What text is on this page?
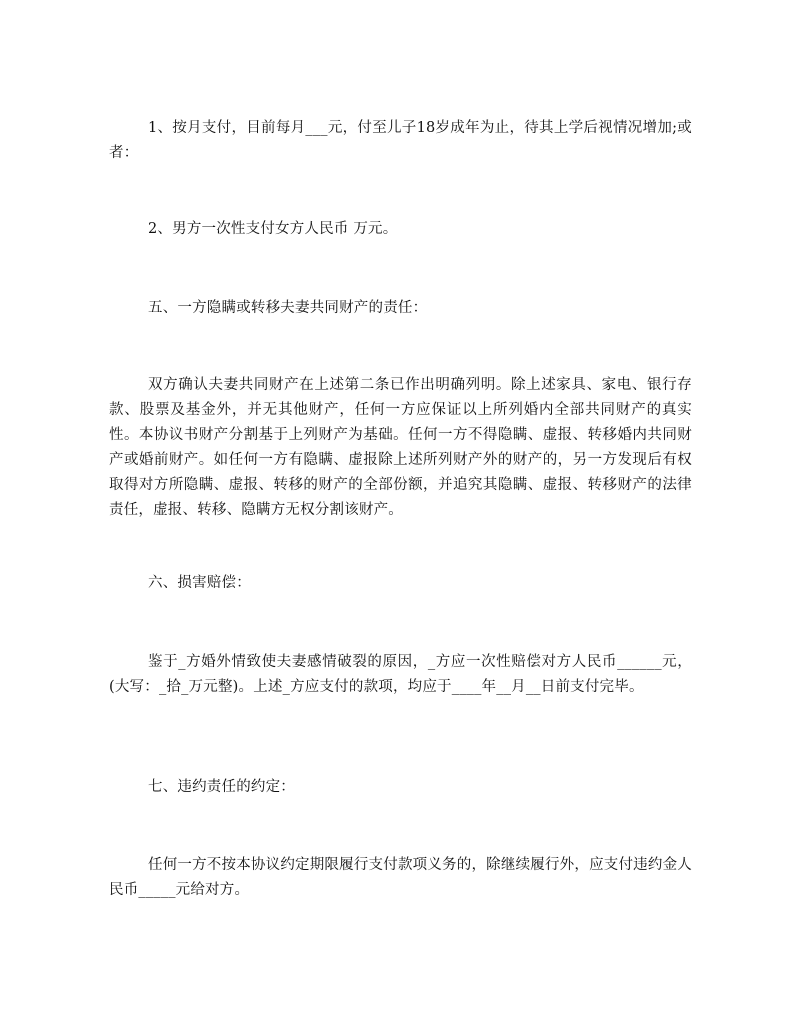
1、按月支付，目前每月___元，付至儿子18岁成年为止，待其上学后视情况增加;或者：

2、男方一次性支付女方人民币 万元。

五、一方隐瞒或转移夫妻共同财产的责任：

双方确认夫妻共同财产在上述第二条已作出明确列明。除上述家具、家电、银行存款、股票及基金外，并无其他财产，任何一方应保证以上所列婚内全部共同财产的真实性。本协议书财产分割基于上列财产为基础。任何一方不得隐瞒、虚报、转移婚内共同财产或婚前财产。如任何一方有隐瞒、虚报除上述所列财产外的财产的，另一方发现后有权取得对方所隐瞒、虚报、转移的财产的全部份额，并追究其隐瞒、虚报、转移财产的法律责任，虚报、转移、隐瞒方无权分割该财产。

六、损害赔偿：

鉴于_方婚外情致使夫妻感情破裂的原因，_方应一次性赔偿对方人民币______元，(大写：_拾_万元整)。上述_方应支付的款项，均应于____年__月__日前支付完毕。

七、违约责任的约定：

任何一方不按本协议约定期限履行支付款项义务的，除继续履行外，应支付违约金人民币_____元给对方。
